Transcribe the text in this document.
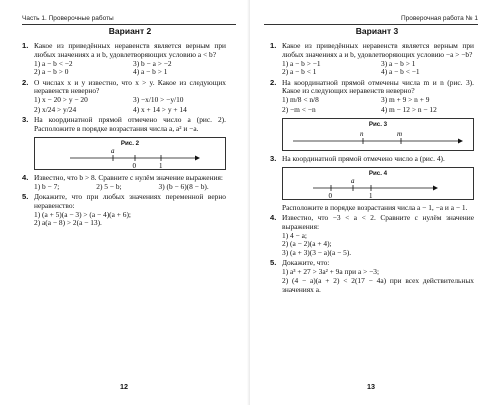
Часть 1. Проверочные работы
Вариант 2
1. Какое из приведённых неравенств является верным при любых значениях a и b, удовлетворяющих условию a < b?
1) a − b < −2	3) b − a > −2
2) a − b > 0	4) a − b > 1
2. О числах x и y известно, что x > y. Какое из следующих неравенств неверно?
1) x − 20 > y − 20	3) −x/10 > −y/10
2) x/24 > y/24	4) x + 14 > y + 14
3. На координатной прямой отмечено число a (рис. 2). Расположите в порядке возрастания числа a, a² и −a.
Рис. 2
a
0	1
4. Известно, что b > 8. Сравните с нулём значение выражения:
1) b − 7;	2) 5 − b;	3) (b − 6)(8 − b).
5. Докажите, что при любых значениях переменной верно неравенство:
1) (a + 5)(a − 3) > (a − 4)(a + 6);
2) a(a − 8) > 2(a − 13).
12
Проверочная работа № 1
Вариант 3
1. Какое из приведённых неравенств является верным при любых значениях a и b, удовлетворяющих условию −a > −b?
1) a − b > −1	3) a − b > 1
2) a − b < 1	4) a − b < −1
2. На координатной прямой отмечены числа m и n (рис. 3). Какое из следующих неравенств неверно?
1) m/8 < n/8	3) m + 9 > n + 9
2) −m < −n	4) m − 12 > n − 12
Рис. 3
n	m
3. На координатной прямой отмечено число a (рис. 4).
Рис. 4
a
0	1
Расположите в порядке возрастания числа a − 1, −a и a − 1.
4. Известно, что −3 < a < 2. Сравните с нулём значение выражения:
1) 4 − a;
2) (a − 2)(a + 4);
3) (a + 3)(3 − a)(a − 5).
5. Докажите, что:
1) a³ + 27 > 3a² + 9a при a > −3;
2) (4 − a)(a + 2) < 2(17 − 4a) при всех действительных значениях a.
13
